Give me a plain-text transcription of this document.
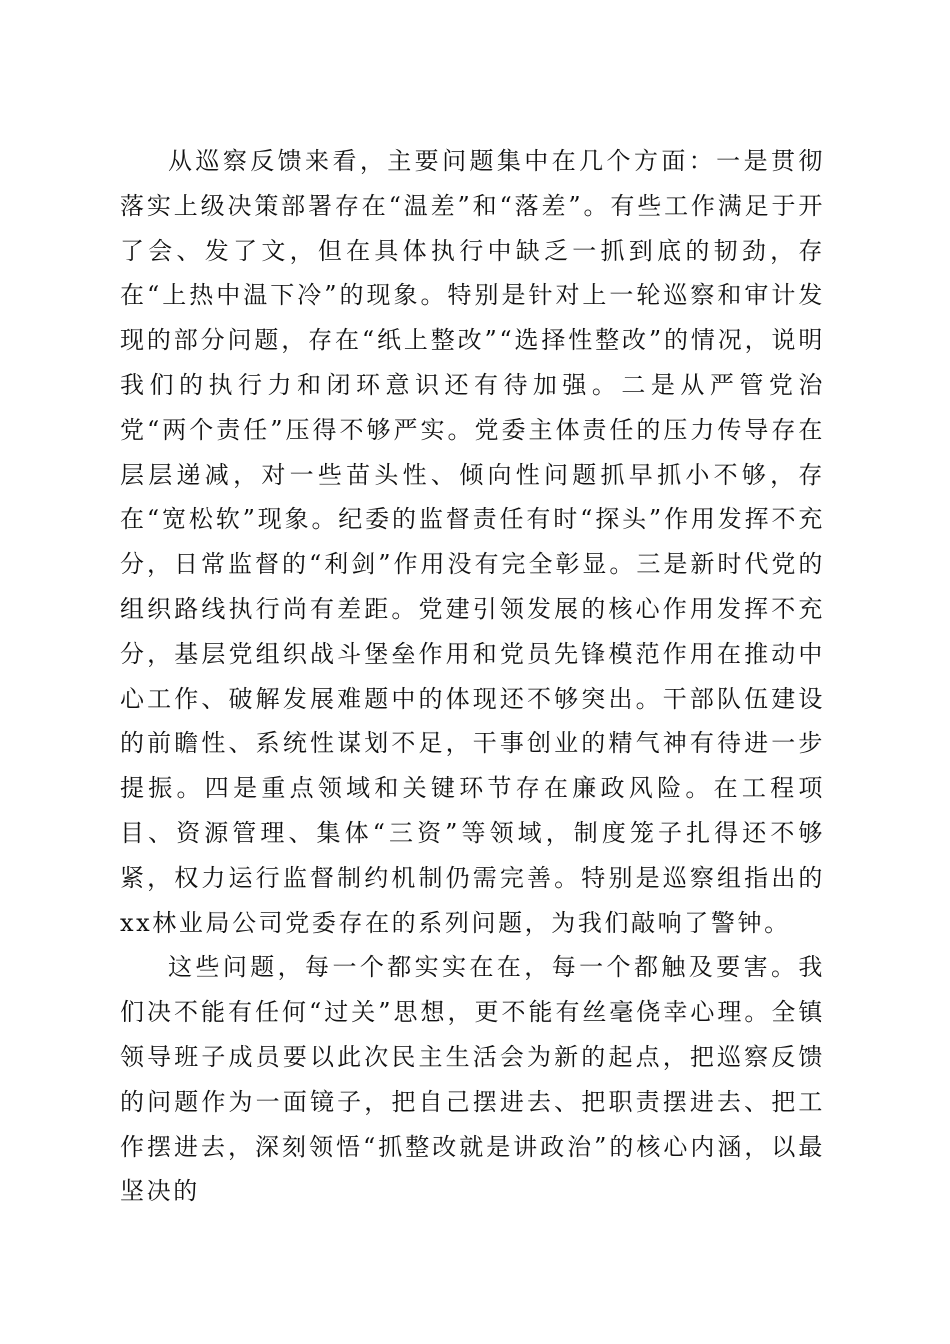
从巡察反馈来看，主要问题集中在几个方面：一是贯彻落实上级决策部署存在“温差”和“落差”。有些工作满足于开了会、发了文，但在具体执行中缺乏一抓到底的韧劲，存在“上热中温下冷”的现象。特别是针对上一轮巡察和审计发现的部分问题，存在“纸上整改”“选择性整改”的情况，说明我们的执行力和闭环意识还有待加强。二是从严管党治党“两个责任”压得不够严实。党委主体责任的压力传导存在层层递减，对一些苗头性、倾向性问题抓早抓小不够，存在“宽松软”现象。纪委的监督责任有时“探头”作用发挥不充分，日常监督的“利剑”作用没有完全彰显。三是新时代党的组织路线执行尚有差距。党建引领发展的核心作用发挥不充分，基层党组织战斗堡垒作用和党员先锋模范作用在推动中心工作、破解发展难题中的体现还不够突出。干部队伍建设的前瞻性、系统性谋划不足，干事创业的精气神有待进一步提振。四是重点领域和关键环节存在廉政风险。在工程项目、资源管理、集体“三资”等领域，制度笼子扎得还不够紧，权力运行监督制约机制仍需完善。特别是巡察组指出的xx林业局公司党委存在的系列问题，为我们敲响了警钟。

这些问题，每一个都实实在在，每一个都触及要害。我们决不能有任何“过关”思想，更不能有丝毫侥幸心理。全镇领导班子成员要以此次民主生活会为新的起点，把巡察反馈的问题作为一面镜子，把自己摆进去、把职责摆进去、把工作摆进去，深刻领悟“抓整改就是讲政治”的核心内涵，以最坚决的
